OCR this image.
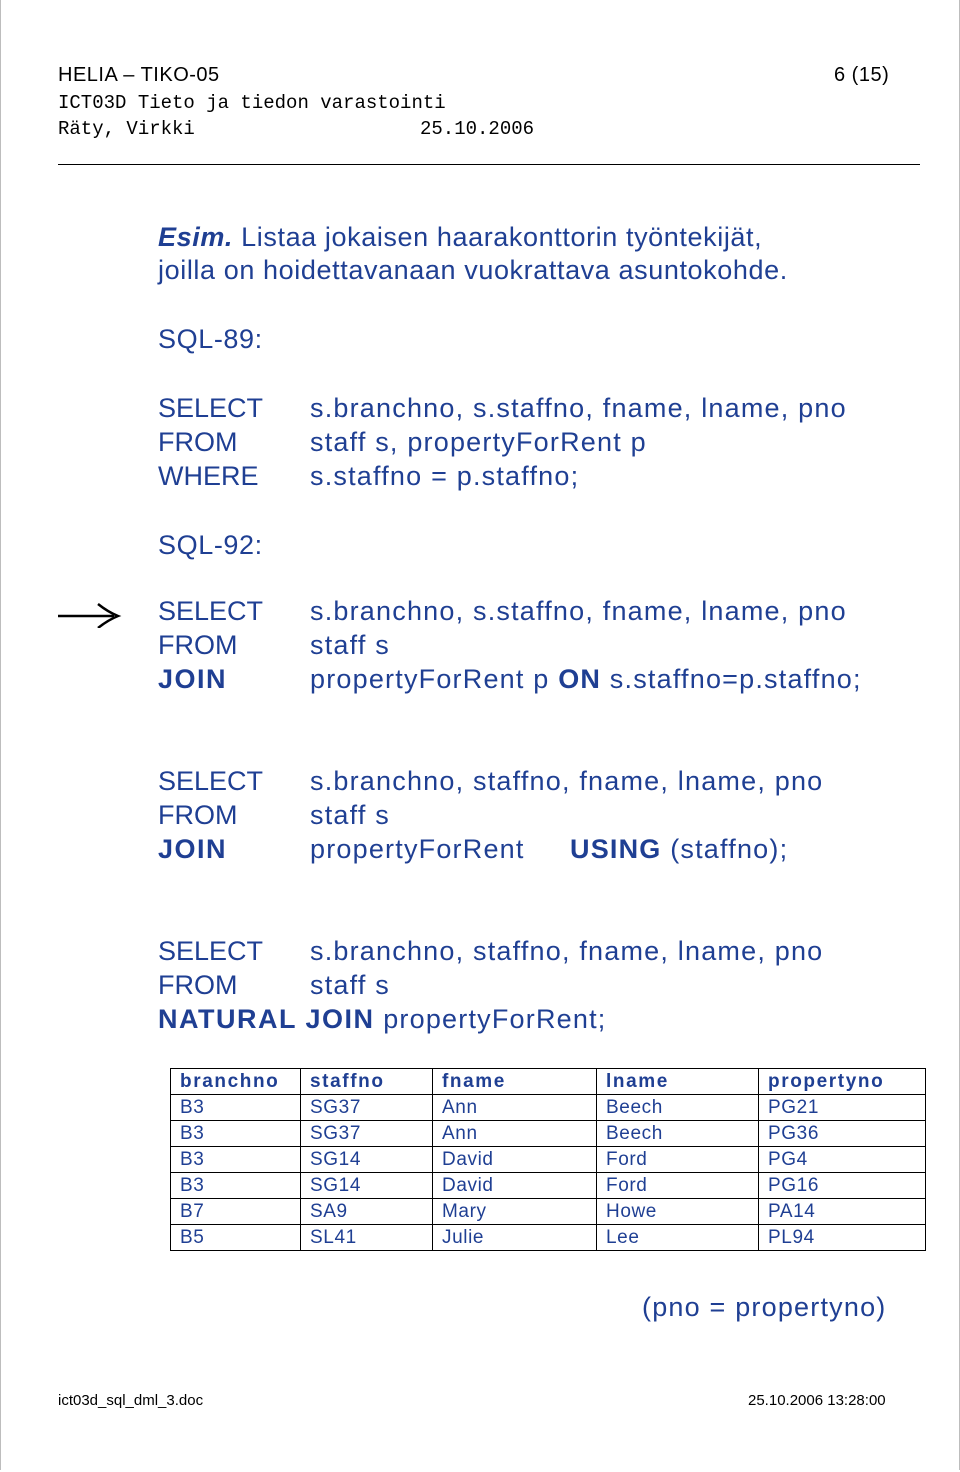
HELIA – TIKO-05	6 (15)
ICT03D Tieto ja tiedon varastointi
Räty, Virkki	25.10.2006
Esim. Listaa jokaisen haarakonttorin työntekijät,
joilla on hoidettavanaan vuokrattava asuntokohde.
SQL-89:
SELECT s.branchno, s.staffno, fname, lname, pno
FROM	staff s, propertyForRent p
WHERE s.staffno = p.staffno;
SQL-92:
SELECT s.branchno, s.staffno, fname, lname, pno
FROM	staff s
JOIN	propertyForRent p ON s.staffno=p.staffno;
SELECT s.branchno, staffno, fname, lname, pno
FROM	staff s
JOIN	propertyForRent USING (staffno);
SELECT s.branchno, staffno, fname, lname, pno
FROM	staff s
NATURAL JOIN propertyForRent;
branchno	staffno	fname	lname	propertyno
B3	SG37	Ann	Beech	PG21
B3	SG37	Ann	Beech	PG36
B3	SG14	David	Ford	PG4
B3	SG14	David	Ford	PG16
B7	SA9	Mary	Howe	PA14
B5	SL41	Julie	Lee	PL94
(pno = propertyno)
ict03d_sql_dml_3.doc	25.10.2006 13:28:00
